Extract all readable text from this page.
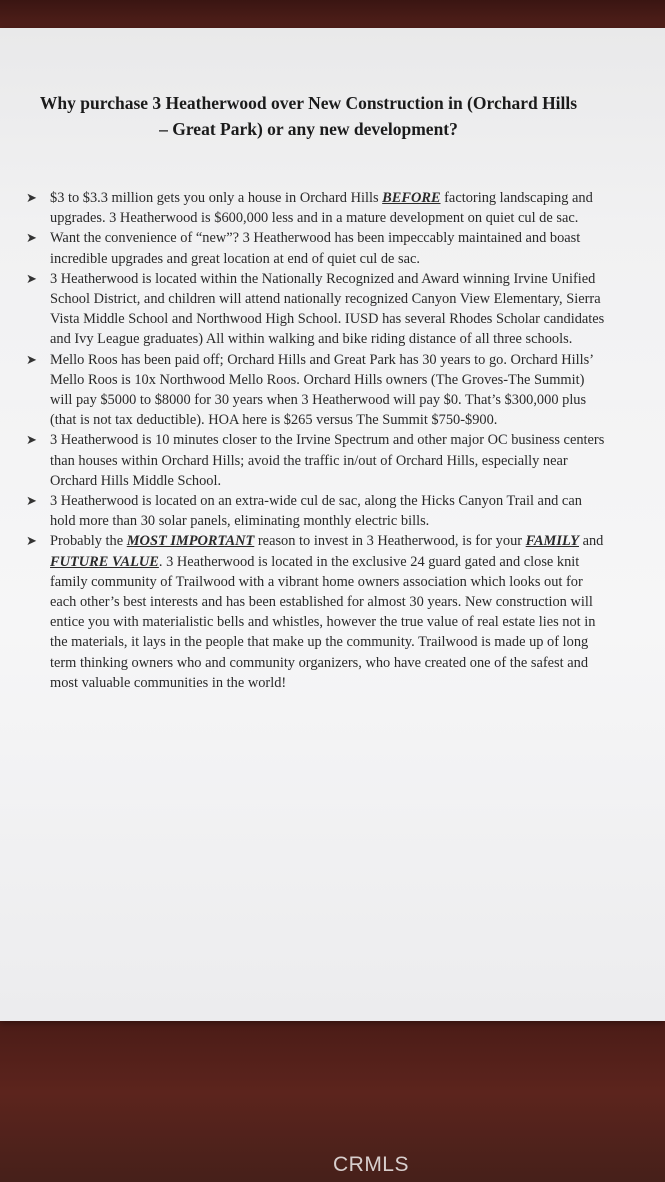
Why purchase 3 Heatherwood over New Construction in (Orchard Hills
– Great Park) or any new development?
➤ $3 to $3.3 million gets you only a house in Orchard Hills BEFORE factoring landscaping and upgrades. 3 Heatherwood is $600,000 less and in a mature development on quiet cul de sac.
➤ Want the convenience of “new”? 3 Heatherwood has been impeccably maintained and boast incredible upgrades and great location at end of quiet cul de sac.
➤ 3 Heatherwood is located within the Nationally Recognized and Award winning Irvine Unified School District, and children will attend nationally recognized Canyon View Elementary, Sierra Vista Middle School and Northwood High School. IUSD has several Rhodes Scholar candidates and Ivy League graduates) All within walking and bike riding distance of all three schools.
➤ Mello Roos has been paid off; Orchard Hills and Great Park has 30 years to go. Orchard Hills’ Mello Roos is 10x Northwood Mello Roos. Orchard Hills owners (The Groves-The Summit) will pay $5000 to $8000 for 30 years when 3 Heatherwood will pay $0. That’s $300,000 plus (that is not tax deductible). HOA here is $265 versus The Summit $750-$900.
➤ 3 Heatherwood is 10 minutes closer to the Irvine Spectrum and other major OC business centers than houses within Orchard Hills; avoid the traffic in/out of Orchard Hills, especially near Orchard Hills Middle School.
➤ 3 Heatherwood is located on an extra-wide cul de sac, along the Hicks Canyon Trail and can hold more than 30 solar panels, eliminating monthly electric bills.
➤ Probably the MOST IMPORTANT reason to invest in 3 Heatherwood, is for your FAMILY and FUTURE VALUE. 3 Heatherwood is located in the exclusive 24 guard gated and close knit family community of Trailwood with a vibrant home owners association which looks out for each other’s best interests and has been established for almost 30 years. New construction will entice you with materialistic bells and whistles, however the true value of real estate lies not in the materials, it lays in the people that make up the community. Trailwood is made up of long term thinking owners who and community organizers, who have created one of the safest and most valuable communities in the world!
CRMLS
